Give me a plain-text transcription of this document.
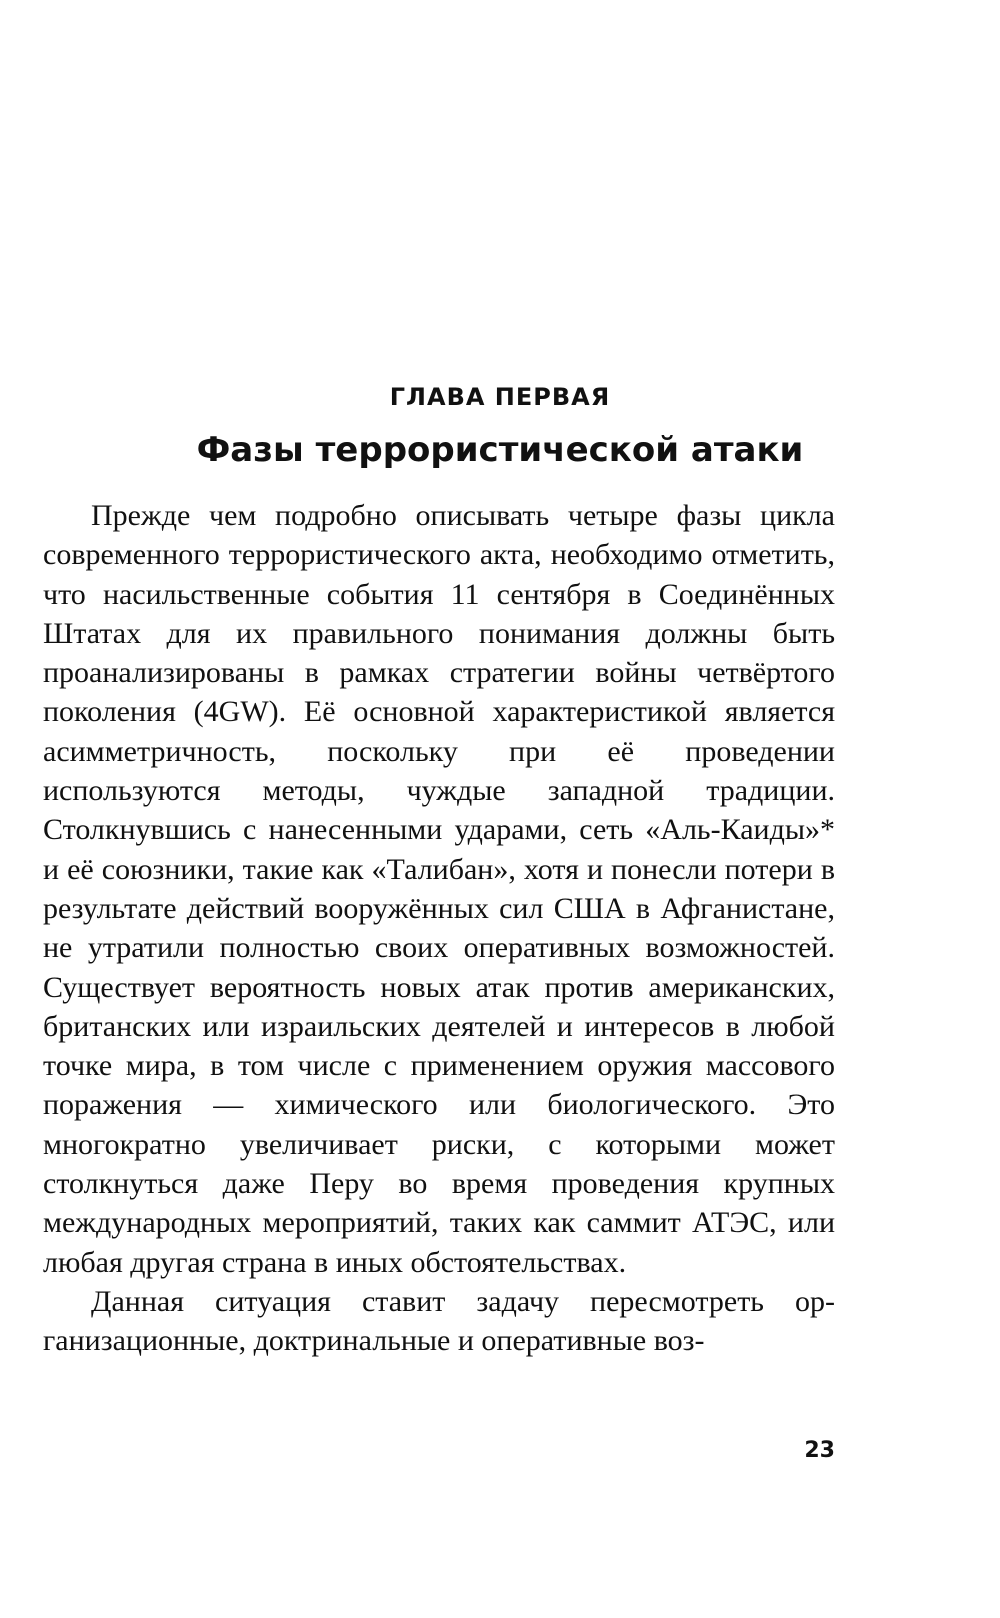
ГЛАВА ПЕРВАЯ
Фазы террористической атаки

Прежде чем подробно описывать четыре фазы цикла современного террористического акта, необходимо отметить, что насильственные события 11 сентября в Соединённых Штатах для их правильного понимания должны быть проанализированы в рамках стратегии войны четвёртого поколения (4GW). Её основной характеристикой является асимметричность, поскольку при её проведении используются методы, чуждые западной традиции. Столкнувшись с нанесенными ударами, сеть «Аль-Каиды»* и её союзники, такие как «Талибан», хотя и понесли потери в результате действий вооружённых сил США в Афганистане, не утратили полностью своих оперативных возможностей. Существует вероятность новых атак против американских, британских или израильских деятелей и интересов в любой точке мира, в том числе с применением оружия массового поражения — химического или биологического. Это многократно увеличивает риски, с которыми может столкнуться даже Перу во время проведения крупных международных мероприятий, таких как саммит АТЭС, или любая другая страна в иных обстоятельствах.

Данная ситуация ставит задачу пересмотреть организационные, доктринальные и оперативные воз-

23
